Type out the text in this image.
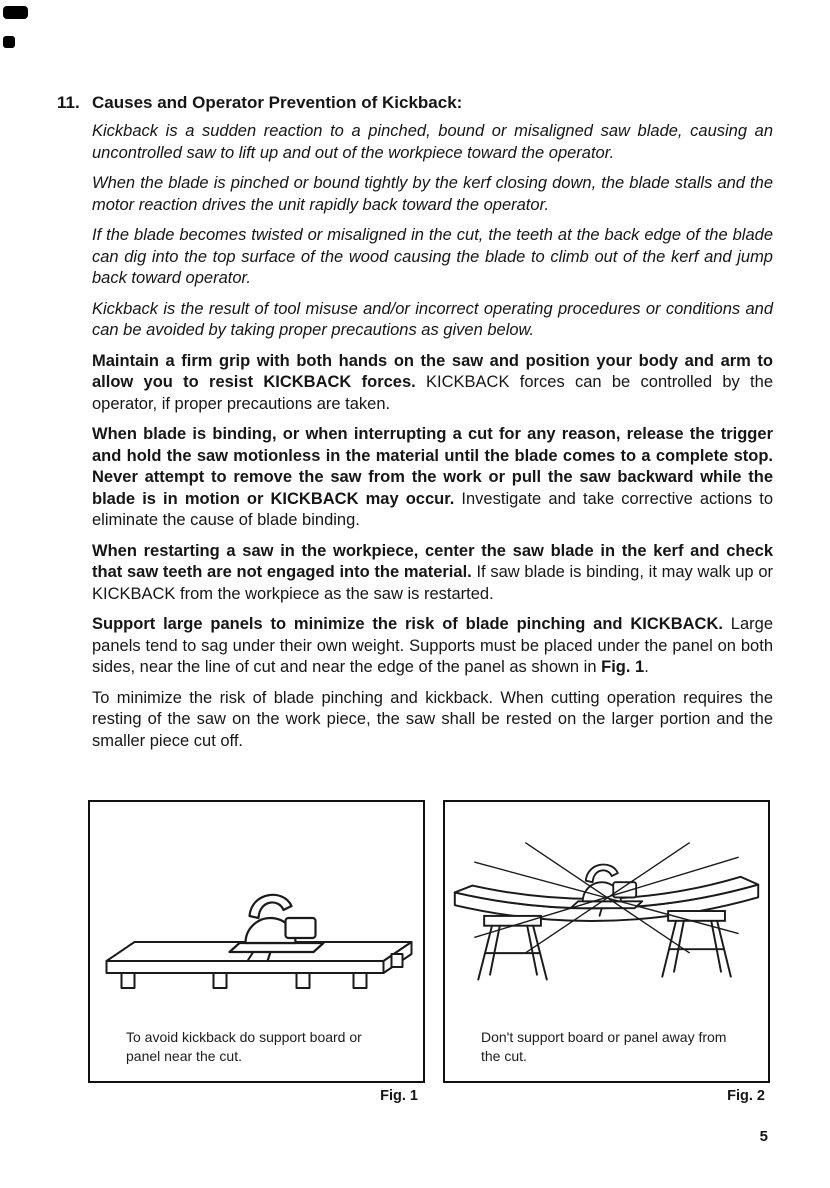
11. Causes and Operator Prevention of Kickback:

Kickback is a sudden reaction to a pinched, bound or misaligned saw blade, causing an uncontrolled saw to lift up and out of the workpiece toward the operator.

When the blade is pinched or bound tightly by the kerf closing down, the blade stalls and the motor reaction drives the unit rapidly back toward the operator.

If the blade becomes twisted or misaligned in the cut, the teeth at the back edge of the blade can dig into the top surface of the wood causing the blade to climb out of the kerf and jump back toward operator.

Kickback is the result of tool misuse and/or incorrect operating procedures or conditions and can be avoided by taking proper precautions as given below.

Maintain a firm grip with both hands on the saw and position your body and arm to allow you to resist KICKBACK forces. KICKBACK forces can be controlled by the operator, if proper precautions are taken.

When blade is binding, or when interrupting a cut for any reason, release the trigger and hold the saw motionless in the material until the blade comes to a complete stop. Never attempt to remove the saw from the work or pull the saw backward while the blade is in motion or KICKBACK may occur. Investigate and take corrective actions to eliminate the cause of blade binding.

When restarting a saw in the workpiece, center the saw blade in the kerf and check that saw teeth are not engaged into the material. If saw blade is binding, it may walk up or KICKBACK from the workpiece as the saw is restarted.

Support large panels to minimize the risk of blade pinching and KICKBACK. Large panels tend to sag under their own weight. Supports must be placed under the panel on both sides, near the line of cut and near the edge of the panel as shown in Fig. 1.

To minimize the risk of blade pinching and kickback. When cutting operation requires the resting of the saw on the work piece, the saw shall be rested on the larger portion and the smaller piece cut off.

To avoid kickback do support board or panel near the cut.
Fig. 1
Don't support board or panel away from the cut.
Fig. 2
5
